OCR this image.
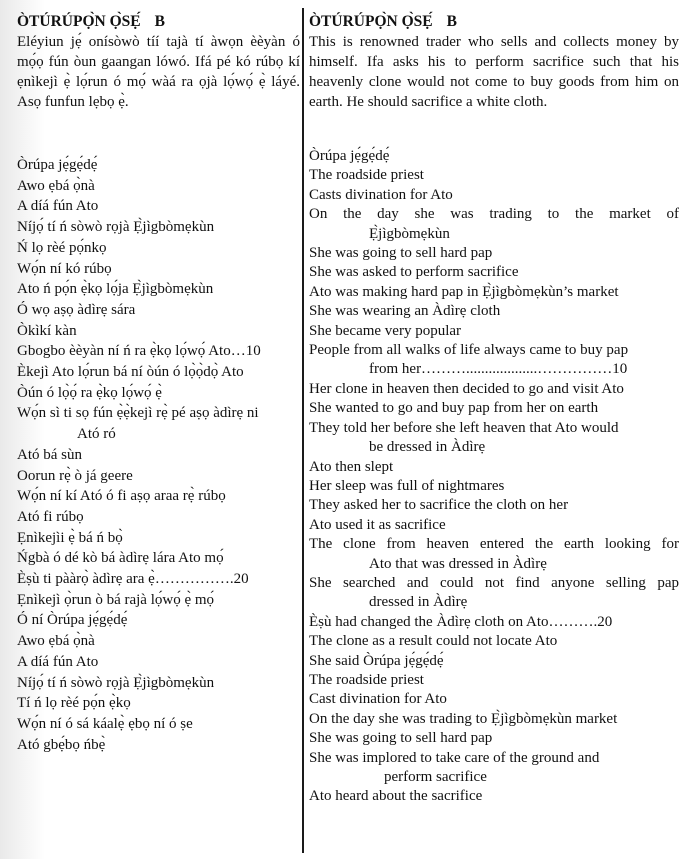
ÒTÚRÚPỌ̀N Ọ̀SẸ́ B
Eléyiun jẹ́ onísòwò tíí tajà tí àwọn èèyàn ó mọ́ọ fún òun gaangan lówó. Ifá pé kó rúbọ kí ẹnìkejì ẹ̀ lọ́run ó mọ́ wàá ra ọjà lọ́wọ́ ẹ̀ láyé. Asọ funfun lẹbọ ẹ̀.
Òrúpa jẹ́gẹ́dẹ́
Awo ẹbá ọ̀nà
A díá fún Ato
Níjọ́ tí ń sòwò rọjà Ẹ̀jìgbòmẹkùn
Ń lọ rèé pọ́nkọ
Wọ́n ní kó rúbọ
Ato ń pọ́n ẹ̀kọ lọ́ja Ẹ̀jìgbòmẹkùn
Ó wọ aṣọ àdìrẹ sára
Òkìkí kàn
Gbogbo èèyàn ní ń ra ẹ̀kọ lọ́wọ́ Ato…10
Èkejì Ato lọ́run bá ní òún ó lọ̀ọ̀dọ̀ Ato
Òún ó lọ̀ọ́ ra ẹ̀kọ lọ́wọ́ ẹ̀
Wọ́n sì ti sọ fún ẹ̀ẹ̀kejì rẹ̀ pé aṣọ àdìrẹ ni
Ató ró
Ató bá sùn
Oorun rẹ̀ ò já geere
Wọ́n ní kí Ató ó fi aṣọ araa rẹ̀ rúbọ
Ató fi rúbọ
Ẹnìkejìi ẹ̀ bá ń bọ̀
Ńgbà ó dé kò bá àdìrẹ lára Ato mọ́
Èṣù ti pààrọ̀ àdìrẹ ara ẹ̀…………….20
Ẹnìkejì ọ̀run ò bá rajà lọ́wọ́ ẹ̀ mọ́
Ó ní Òrúpa jẹ́gẹ́dẹ́
Awo ẹbá ọ̀nà
A díá fún Ato
Níjọ́ tí ń sòwò rọjà Ẹ̀jìgbòmẹkùn
Tí ń lọ rèé pọ́n ẹ̀kọ
Wọ́n ní ó sá káalẹ̀ ẹbọ ní ó ṣe
Ató gbẹ́bọ ńbẹ̀
ÒTÚRÚPỌ̀N Ọ̀SẸ́ B
This is renowned trader who sells and collects money by himself. Ifa asks his to perform sacrifice such that his heavenly clone would not come to buy goods from him on earth. He should sacrifice a white cloth.
Òrúpa jẹ́gẹ́dẹ́
The roadside priest
Casts divination for Ato
On the day she was trading to the market of
Ẹ̀jìgbòmẹkùn
She was going to sell hard pap
She was asked to perform sacrifice
Ato was making hard pap in Ẹ̀jìgbòmẹkùn’s market
She was wearing an Àdìrẹ cloth
She became very popular
People from all walks of life always came to buy pap
from her………...................……………10
Her clone in heaven then decided to go and visit Ato
She wanted to go and buy pap from her on earth
They told her before she left heaven that Ato would
be dressed in Àdìrẹ
Ato then slept
Her sleep was full of nightmares
They asked her to sacrifice the cloth on her
Ato used it as sacrifice
The clone from heaven entered the earth looking for
Ato that was dressed in Àdìrẹ
She searched and could not find anyone selling pap
dressed in Àdìrẹ
Èṣù had changed the Àdìrẹ cloth on Ato……….20
The clone as a result could not locate Ato
She said Òrúpa jẹ́gẹ́dẹ́
The roadside priest
Cast divination for Ato
On the day she was trading to Ẹ̀jìgbòmẹkùn market
She was going to sell hard pap
She was implored to take care of the ground and
perform sacrifice
Ato heard about the sacrifice
